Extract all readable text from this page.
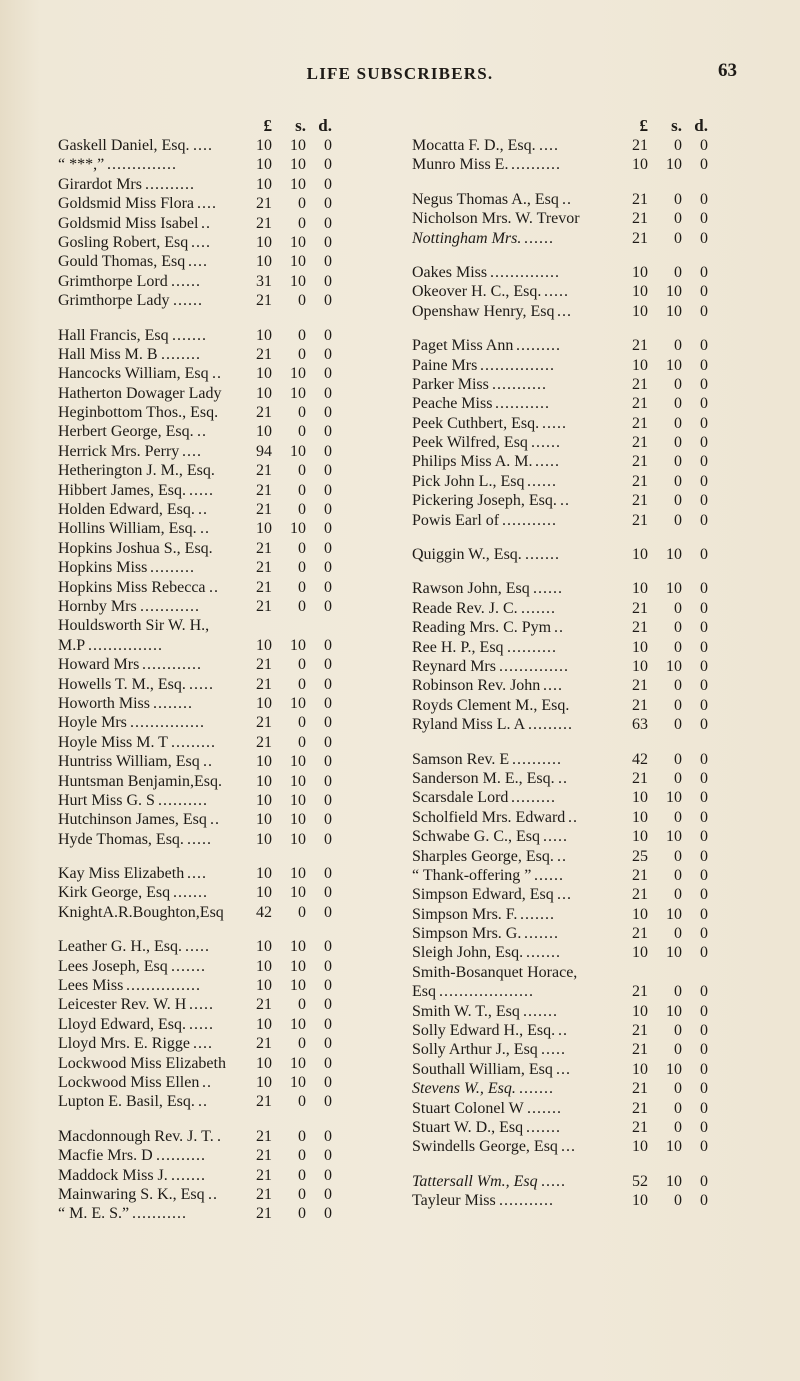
LIFE SUBSCRIBERS.	63
£	s. d.
Gaskell Daniel, Esq.	10	10	0
....
“ ***,”	10	10	0
..............
Girardot Mrs	10	10	0
..........
Goldsmid Miss Flora	21	0	0
....
Goldsmid Miss Isabel	21	0	0
..
Gosling Robert, Esq	10	10	0
....
Gould Thomas, Esq	10	10	0
....
Grimthorpe Lord	31	10	0
......
Grimthorpe Lady	21	0	0
......
Hall Francis, Esq	10	0	0
.......
Hall Miss M. B	21	0	0
........
Hancocks William, Esq	10	10	0
..
Hatherton Dowager Lady	10	10	0
Heginbottom Thos., Esq.	21	0	0
Herbert George, Esq.	10	0	0
..
Herrick Mrs. Perry	94	10	0
....
Hetherington J. M., Esq.	21	0	0
Hibbert James, Esq.	21	0	0
.....
Holden Edward, Esq.	21	0	0
..
Hollins William, Esq.	10	10	0
..
Hopkins Joshua S., Esq.	21	0	0
Hopkins Miss	21	0	0
.........
Hopkins Miss Rebecca	21	0	0
..
Hornby Mrs	21	0	0
............
Houldsworth Sir W. H.,
M.P	10	10	0
...............
Howard Mrs	21	0	0
............
Howells T. M., Esq.	21	0	0
.....
Howorth Miss	10	10	0
........
Hoyle Mrs	21	0	0
...............
Hoyle Miss M. T	21	0	0
.........
Huntriss William, Esq	10	10	0
..
Huntsman Benjamin,Esq.	10	10	0
Hurt Miss G. S	10	10	0
..........
Hutchinson James, Esq	10	10	0
..
Hyde Thomas, Esq.	10	10	0
.....
Kay Miss Elizabeth	10	10	0
....
Kirk George, Esq	10	10	0
.......
KnightA.R.Boughton,Esq	42	0	0
Leather G. H., Esq.	10	10	0
.....
Lees Joseph, Esq	10	10	0
.......
Lees Miss	10	10	0
...............
Leicester Rev. W. H	21	0	0
.....
Lloyd Edward, Esq.	10	10	0
.....
Lloyd Mrs. E. Rigge	21	0	0
....
Lockwood Miss Elizabeth	10	10	0
Lockwood Miss Ellen	10	10	0
..
Lupton E. Basil, Esq.	21	0	0
..
Macdonnough Rev. J. T.	21	0	0
.
Macfie Mrs. D	21	0	0
..........
Maddock Miss J.	21	0	0
.......
Mainwaring S. K., Esq	21	0	0
..
“ M. E. S.”	21	0	0
...........
£	s. d.
Mocatta F. D., Esq.	21	0	0
....
Munro Miss E.	10	10	0
..........
Negus Thomas A., Esq	21	0	0
..
Nicholson Mrs. W. Trevor	21	0	0
Nottingham Mrs.	21	0	0
......
Oakes Miss	10	0	0
..............
Okeover H. C., Esq.	10	10	0
.....
Openshaw Henry, Esq	10	10	0
...
Paget Miss Ann	21	0	0
.........
Paine Mrs	10	10	0
...............
Parker Miss	21	0	0
...........
Peache Miss	21	0	0
...........
Peek Cuthbert, Esq.	21	0	0
.....
Peek Wilfred, Esq	21	0	0
......
Philips Miss A. M.	21	0	0
.....
Pick John L., Esq	21	0	0
......
Pickering Joseph, Esq.	21	0	0
..
Powis Earl of	21	0	0
...........
Quiggin W., Esq.	10	10	0
.......
Rawson John, Esq	10	10	0
......
Reade Rev. J. C.	21	0	0
.......
Reading Mrs. C. Pym	21	0	0
..
Ree H. P., Esq	10	0	0
..........
Reynard Mrs	10	10	0
..............
Robinson Rev. John	21	0	0
....
Royds Clement M., Esq.	21	0	0
Ryland Miss L. A	63	0	0
.........
Samson Rev. E	42	0	0
..........
Sanderson M. E., Esq.	21	0	0
..
Scarsdale Lord	10	10	0
.........
Scholfield Mrs. Edward	10	0	0
..
Schwabe G. C., Esq	10	10	0
.....
Sharples George, Esq.	25	0	0
..
“ Thank-offering ”	21	0	0
......
Simpson Edward, Esq	21	0	0
...
Simpson Mrs. F.	10	10	0
.......
Simpson Mrs. G.	21	0	0
.......
Sleigh John, Esq.	10	10	0
.......
Smith-Bosanquet Horace,
Esq	21	0	0
...................
Smith W. T., Esq	10	10	0
.......
Solly Edward H., Esq.	21	0	0
..
Solly Arthur J., Esq	21	0	0
.....
Southall William, Esq	10	10	0
...
Stevens W., Esq.	21	0	0
.......
Stuart Colonel W	21	0	0
.......
Stuart W. D., Esq	21	0	0
.......
Swindells George, Esq	10	10	0
...
Tattersall Wm., Esq	52	10	0
.....
Tayleur Miss	10	0	0
...........
